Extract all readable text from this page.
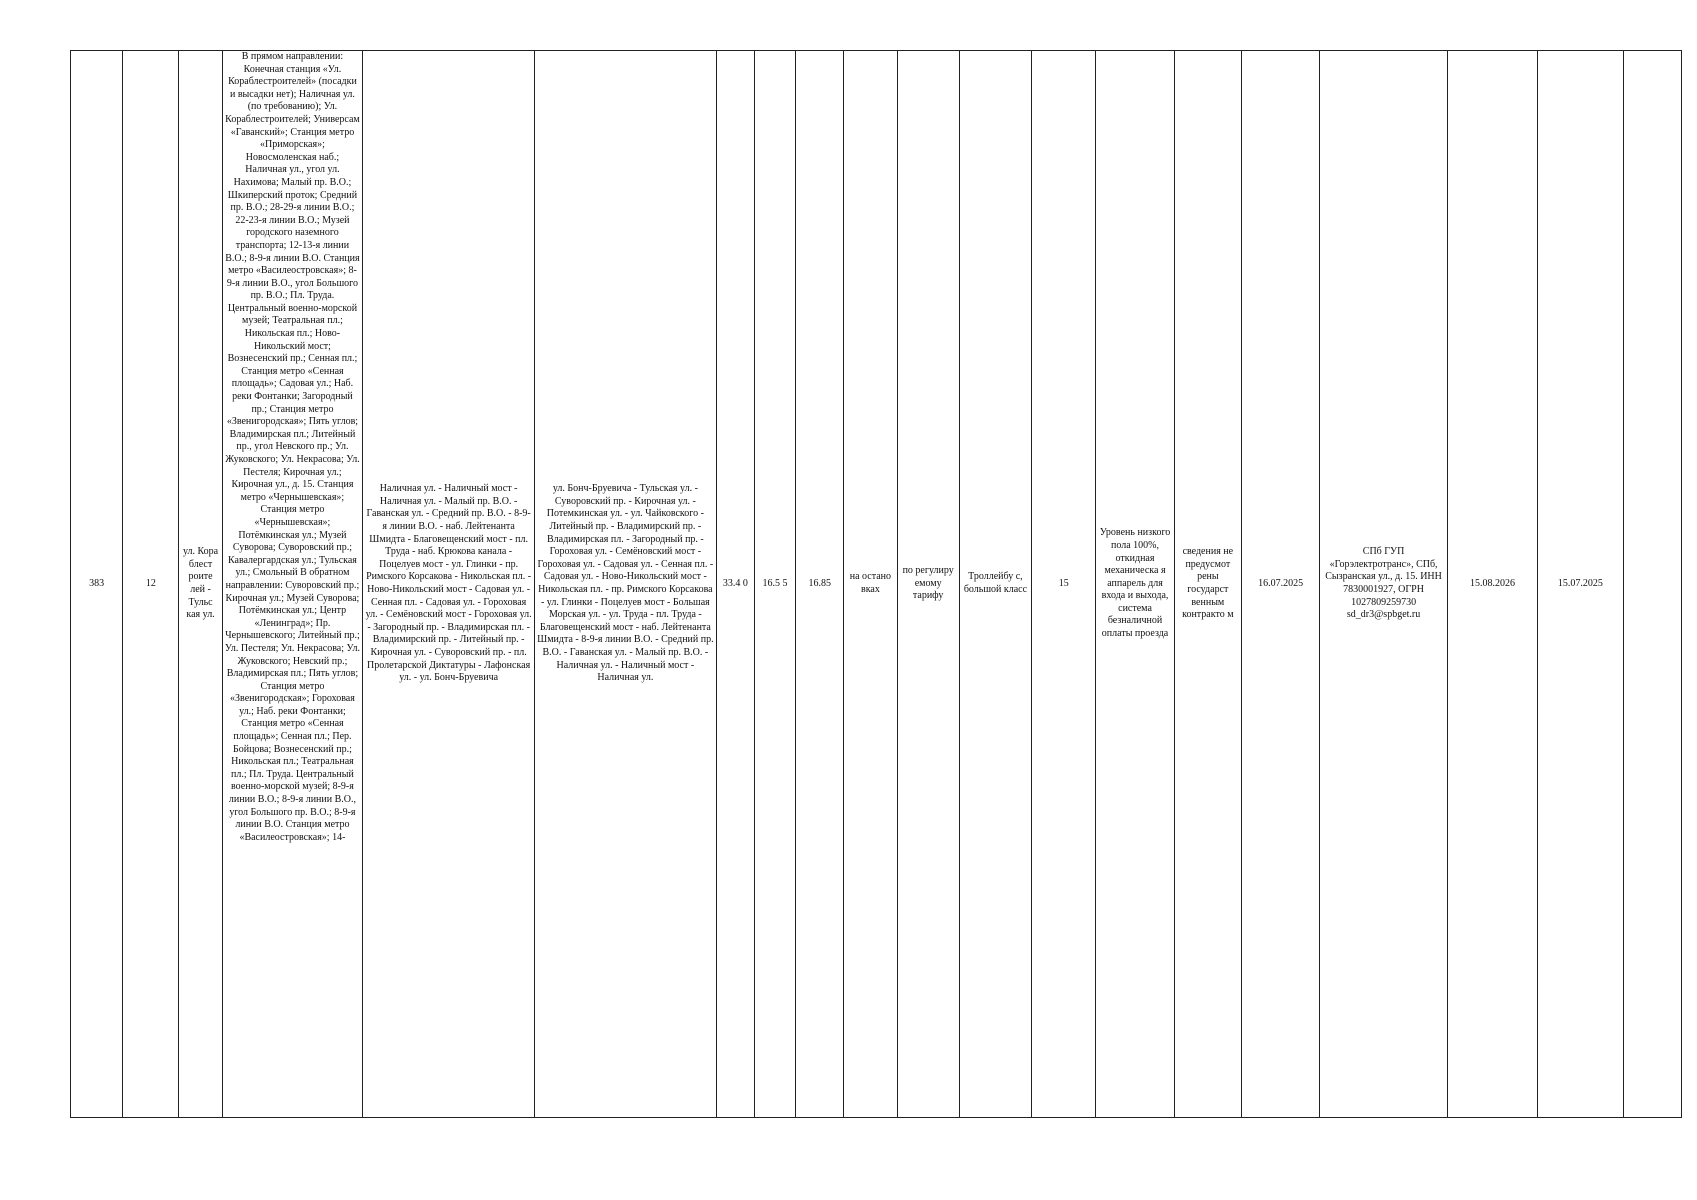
383	12	ул. Кора блест роите лей - Тульс кая ул.	В прямом направлении: Конечная станция «Ул. Кораблестроителей» (посадки и высадки нет); Наличная ул. (по требованию); Ул. Кораблестроителей; Универсам «Гаванский»; Станция метро «Приморская»; Новосмоленская наб.; Наличная ул., угол ул. Нахимова; Малый пр. В.О.; Шкиперский проток; Средний пр. В.О.; 28-29-я линии В.О.; 22-23-я линии В.О.; Музей городского наземного транспорта; 12-13-я линии В.О.; 8-9-я линии В.О. Станция метро «Василеостровская»; 8-9-я линии В.О., угол Большого пр. В.О.; Пл. Труда. Центральный военно-морской музей; Театральная пл.; Никольская пл.; Ново-Никольский мост; Вознесенский пр.; Сенная пл.; Станция метро «Сенная площадь»; Садовая ул.; Наб. реки Фонтанки; Загородный пр.; Станция метро «Звенигородская»; Пять углов; Владимирская пл.; Литейный пр., угол Невского пр.; Ул. Жуковского; Ул. Некрасова; Ул. Пестеля; Кирочная ул.; Кирочная ул., д. 15. Станция метро «Чернышевская»; Станция метро «Чернышевская»; Потёмкинская ул.; Музей Суворова; Суворовский пр.; Кавалергардская ул.; Тульская ул.; Смольный В обратном направлении: Суворовский пр.; Кирочная ул.; Музей Суворова; Потёмкинская ул.; Центр «Ленинград»; Пр. Чернышевского; Литейный пр.; Ул. Пестеля; Ул. Некрасова; Ул. Жуковского; Невский пр.; Владимирская пл.; Пять углов; Станция метро «Звенигородская»; Гороховая ул.; Наб. реки Фонтанки; Станция метро «Сенная площадь»; Сенная пл.; Пер. Бойцова; Вознесенский пр.; Никольская пл.; Театральная пл.; Пл. Труда. Центральный военно-морской музей; 8-9-я линии В.О.; 8-9-я линии В.О., угол Большого пр. В.О.; 8-9-я линии В.О. Станция метро «Василеостровская»; 14-	Наличная ул. - Наличный мост - Наличная ул. - Малый пр. В.О. - Гаванская ул. - Средний пр. В.О. - 8-9-я линии В.О. - наб. Лейтенанта Шмидта - Благовещенский мост - пл. Труда - наб. Крюкова канала - Поцелуев мост - ул. Глинки - пр. Римского Корсакова - Никольская пл. - Ново-Никольский мост - Садовая ул. - Сенная пл. - Садовая ул. - Гороховая ул. - Семёновский мост - Гороховая ул. - Загородный пр. - Владимирская пл. - Владимирский пр. - Литейный пр. - Кирочная ул. - Суворовский пр. - пл. Пролетарской Диктатуры - Лафонская ул. - ул. Бонч-Бруевича	ул. Бонч-Бруевича - Тульская ул. - Суворовский пр. - Кирочная ул. - Потемкинская ул. - ул. Чайковского - Литейный пр. - Владимирский пр. - Владимирская пл. - Загородный пр. - Гороховая ул. - Семёновский мост - Гороховая ул. - Садовая ул. - Сенная пл. - Садовая ул. - Ново-Никольский мост - Никольская пл. - пр. Римского Корсакова - ул. Глинки - Поцелуев мост - Большая Морская ул. - ул. Труда - пл. Труда - Благовещенский мост - наб. Лейтенанта Шмидта - 8-9-я линии В.О. - Средний пр. В.О. - Гаванская ул. - Малый пр. В.О. - Наличная ул. - Наличный мост - Наличная ул.	33.4 0	16.5 5	16.85	на остано вках	по регулиру емому тарифу	Троллейбу с, большой класс	15	Уровень низкого пола 100%, откидная механическа я аппарель для входа и выхода, система безналичной оплаты проезда	сведения не предусмот рены государст венным контракто м	16.07.2025	СПб ГУП «Горэлектротранс», СПб, Сызранская ул., д. 15. ИНН 7830001927, ОГРН 1027809259730 sd_dr3@spbget.ru	15.08.2026	15.07.2025	
